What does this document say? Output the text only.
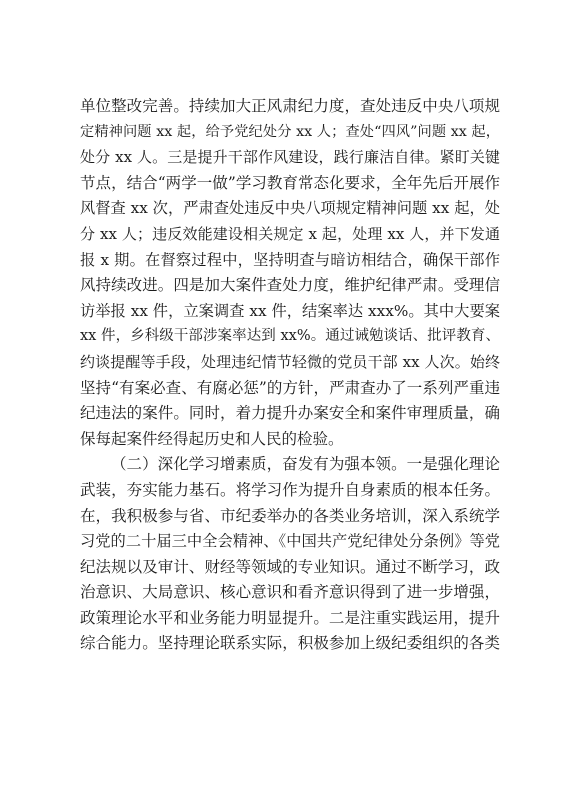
单位整改完善。持续加大正风肃纪力度，查处违反中央八项规
定精神问题 xx 起，给予党纪处分 xx 人；查处“四风”问题 xx 起，
处分 xx 人。三是提升干部作风建设，践行廉洁自律。紧盯关键
节点，结合“两学一做”学习教育常态化要求，全年先后开展作
风督查 xx 次，严肃查处违反中央八项规定精神问题 xx 起，处
分 xx 人；违反效能建设相关规定 x 起，处理 xx 人，并下发通
报 x 期。在督察过程中，坚持明查与暗访相结合，确保干部作
风持续改进。四是加大案件查处力度，维护纪律严肃。受理信
访举报 xx 件，立案调查 xx 件，结案率达 xxx%。其中大要案
xx 件，乡科级干部涉案率达到 xx%。通过诫勉谈话、批评教育、
约谈提醒等手段，处理违纪情节轻微的党员干部 xx 人次。始终
坚持“有案必查、有腐必惩”的方针，严肃查办了一系列严重违
纪违法的案件。同时，着力提升办案安全和案件审理质量，确
保每起案件经得起历史和人民的检验。
（二）深化学习增素质，奋发有为强本领。一是强化理论
武装，夯实能力基石。将学习作为提升自身素质的根本任务。
在，我积极参与省、市纪委举办的各类业务培训，深入系统学
习党的二十届三中全会精神、《中国共产党纪律处分条例》等党
纪法规以及审计、财经等领域的专业知识。通过不断学习，政
治意识、大局意识、核心意识和看齐意识得到了进一步增强，
政策理论水平和业务能力明显提升。二是注重实践运用，提升
综合能力。坚持理论联系实际，积极参加上级纪委组织的各类
